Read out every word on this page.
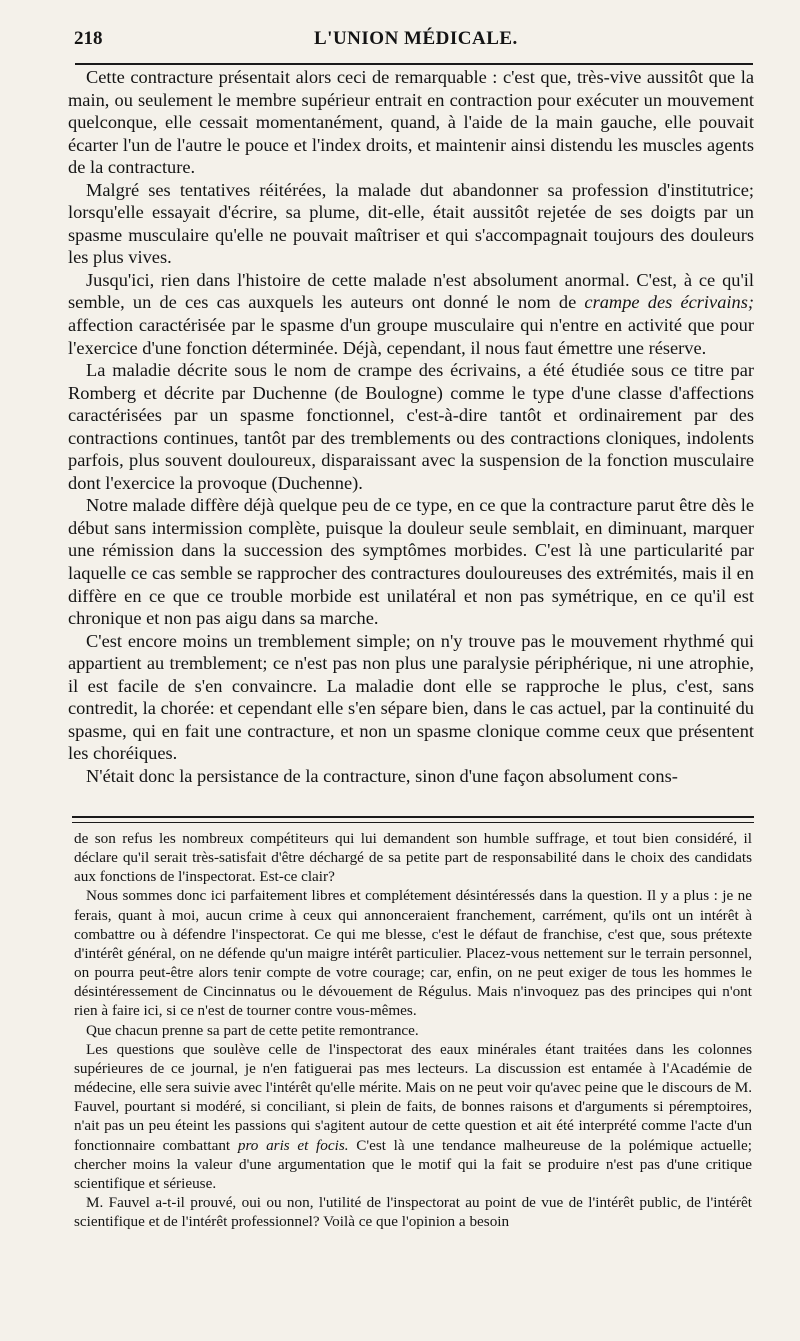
218	L'UNION MÉDICALE.

Cette contracture présentait alors ceci de remarquable : c'est que, très-vive aussitôt que la main, ou seulement le membre supérieur entrait en contraction pour exécuter un mouvement quelconque, elle cessait momentanément, quand, à l'aide de la main gauche, elle pouvait écarter l'un de l'autre le pouce et l'index droits, et maintenir ainsi distendu les muscles agents de la contracture.

Malgré ses tentatives réitérées, la malade dut abandonner sa profession d'institutrice; lorsqu'elle essayait d'écrire, sa plume, dit-elle, était aussitôt rejetée de ses doigts par un spasme musculaire qu'elle ne pouvait maîtriser et qui s'accompagnait toujours des douleurs les plus vives.

Jusqu'ici, rien dans l'histoire de cette malade n'est absolument anormal. C'est, à ce qu'il semble, un de ces cas auxquels les auteurs ont donné le nom de crampe des écrivains; affection caractérisée par le spasme d'un groupe musculaire qui n'entre en activité que pour l'exercice d'une fonction déterminée. Déjà, cependant, il nous faut émettre une réserve.

La maladie décrite sous le nom de crampe des écrivains, a été étudiée sous ce titre par Romberg et décrite par Duchenne (de Boulogne) comme le type d'une classe d'affections caractérisées par un spasme fonctionnel, c'est-à-dire tantôt et ordinairement par des contractions continues, tantôt par des tremblements ou des contractions cloniques, indolents parfois, plus souvent douloureux, disparaissant avec la suspension de la fonction musculaire dont l'exercice la provoque (Duchenne).

Notre malade diffère déjà quelque peu de ce type, en ce que la contracture parut être dès le début sans intermission complète, puisque la douleur seule semblait, en diminuant, marquer une rémission dans la succession des symptômes morbides. C'est là une particularité par laquelle ce cas semble se rapprocher des contractures douloureuses des extrémités, mais il en diffère en ce que ce trouble morbide est unilatéral et non pas symétrique, en ce qu'il est chronique et non pas aigu dans sa marche.

C'est encore moins un tremblement simple; on n'y trouve pas le mouvement rhythmé qui appartient au tremblement; ce n'est pas non plus une paralysie périphérique, ni une atrophie, il est facile de s'en convaincre. La maladie dont elle se rapproche le plus, c'est, sans contredit, la chorée: et cependant elle s'en sépare bien, dans le cas actuel, par la continuité du spasme, qui en fait une contracture, et non un spasme clonique comme ceux que présentent les choréiques.

N'était donc la persistance de la contracture, sinon d'une façon absolument cons-

de son refus les nombreux compétiteurs qui lui demandent son humble suffrage, et tout bien considéré, il déclare qu'il serait très-satisfait d'être déchargé de sa petite part de responsabilité dans le choix des candidats aux fonctions de l'inspectorat. Est-ce clair?

Nous sommes donc ici parfaitement libres et complétement désintéressés dans la question. Il y a plus : je ne ferais, quant à moi, aucun crime à ceux qui annonceraient franchement, carrément, qu'ils ont un intérêt à combattre ou à défendre l'inspectorat. Ce qui me blesse, c'est le défaut de franchise, c'est que, sous prétexte d'intérêt général, on ne défende qu'un maigre intérêt particulier. Placez-vous nettement sur le terrain personnel, on pourra peut-être alors tenir compte de votre courage; car, enfin, on ne peut exiger de tous les hommes le désintéressement de Cincinnatus ou le dévouement de Régulus. Mais n'invoquez pas des principes qui n'ont rien à faire ici, si ce n'est de tourner contre vous-mêmes.

Que chacun prenne sa part de cette petite remontrance.

Les questions que soulève celle de l'inspectorat des eaux minérales étant traitées dans les colonnes supérieures de ce journal, je n'en fatiguerai pas mes lecteurs. La discussion est entamée à l'Académie de médecine, elle sera suivie avec l'intérêt qu'elle mérite. Mais on ne peut voir qu'avec peine que le discours de M. Fauvel, pourtant si modéré, si conciliant, si plein de faits, de bonnes raisons et d'arguments si péremptoires, n'ait pas un peu éteint les passions qui s'agitent autour de cette question et ait été interprété comme l'acte d'un fonctionnaire combattant pro aris et focis. C'est là une tendance malheureuse de la polémique actuelle; chercher moins la valeur d'une argumentation que le motif qui la fait se produire n'est pas d'une critique scientifique et sérieuse.

M. Fauvel a-t-il prouvé, oui ou non, l'utilité de l'inspectorat au point de vue de l'intérêt public, de l'intérêt scientifique et de l'intérêt professionnel? Voilà ce que l'opinion a besoin
